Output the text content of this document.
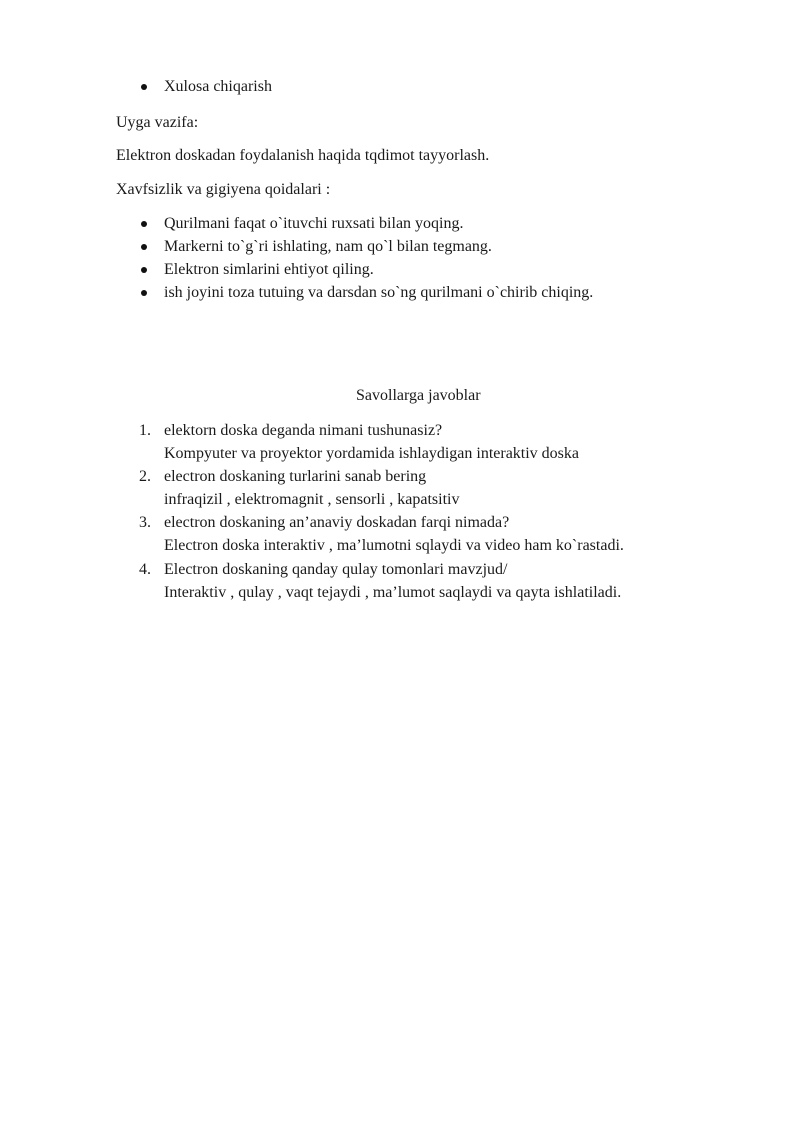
Xulosa chiqarish
Uyga vazifa:
Elektron doskadan foydalanish haqida tqdimot tayyorlash.
Xavfsizlik va gigiyena qoidalari :
Qurilmani faqat o`ituvchi ruxsati bilan yoqing.
Markerni to`g`ri ishlating, nam qo`l bilan tegmang.
Elektron simlarini ehtiyot qiling.
ish joyini toza tutuing va darsdan so`ng qurilmani o`chirib chiqing.
Savollarga javoblar
1. elektorn doska deganda nimani tushunasiz?
Kompyuter va proyektor yordamida ishlaydigan interaktiv doska
2. electron doskaning turlarini sanab bering
infraqizil , elektromagnit , sensorli , kapatsitiv
3. electron doskaning an’anaviy doskadan farqi nimada?
Electron doska interaktiv , ma’lumotni sqlaydi va video ham ko`rastadi.
4. Electron doskaning qanday qulay tomonlari mavzjud/
Interaktiv , qulay , vaqt tejaydi , ma’lumot saqlaydi va qayta ishlatiladi.
